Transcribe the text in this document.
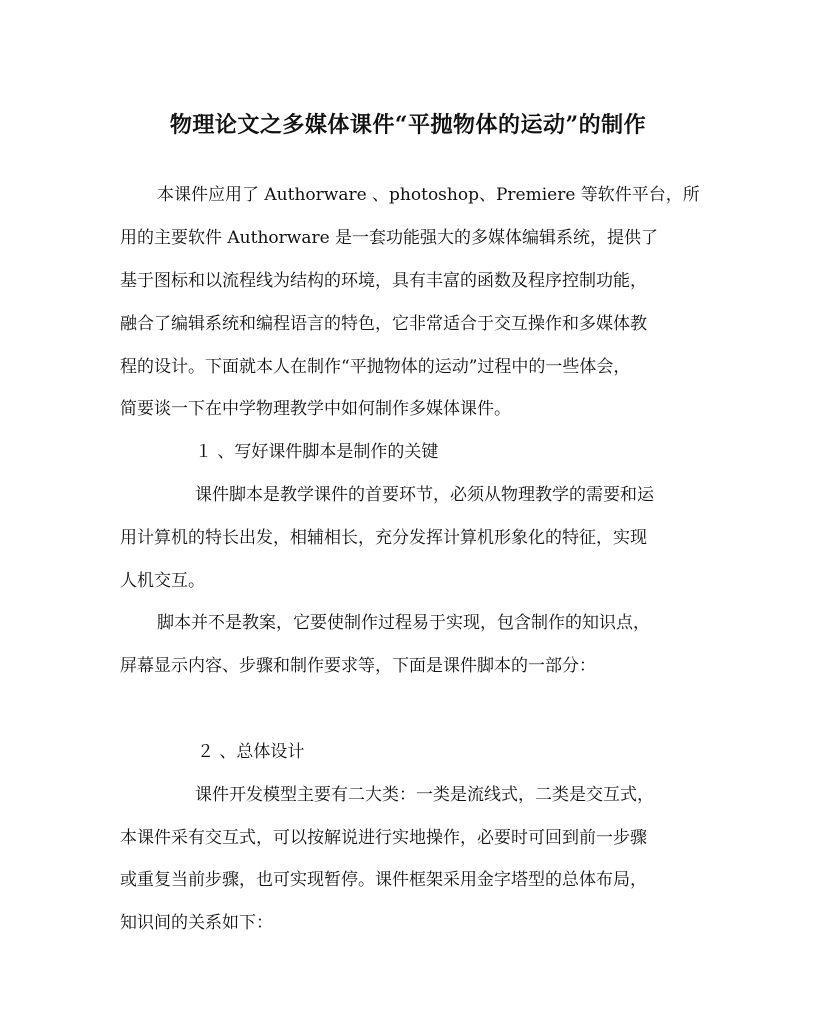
物理论文之多媒体课件“平抛物体的运动”的制作
本课件应用了 Authorware 、photoshop、Premiere 等软件平台，所
用的主要软件 Authorware 是一套功能强大的多媒体编辑系统，提供了
基于图标和以流程线为结构的环境，具有丰富的函数及程序控制功能，
融合了编辑系统和编程语言的特色，它非常适合于交互操作和多媒体教
程的设计。下面就本人在制作“平抛物体的运动”过程中的一些体会，
简要谈一下在中学物理教学中如何制作多媒体课件。
１ 、写好课件脚本是制作的关键
课件脚本是教学课件的首要环节，必须从物理教学的需要和运
用计算机的特长出发，相辅相长，充分发挥计算机形象化的特征，实现
人机交互。
脚本并不是教案，它要使制作过程易于实现，包含制作的知识点，
屏幕显示内容、步骤和制作要求等，下面是课件脚本的一部分：
２ 、总体设计
课件开发模型主要有二大类：一类是流线式，二类是交互式，
本课件采有交互式，可以按解说进行实地操作，必要时可回到前一步骤
或重复当前步骤，也可实现暂停。课件框架采用金字塔型的总体布局，
知识间的关系如下：
